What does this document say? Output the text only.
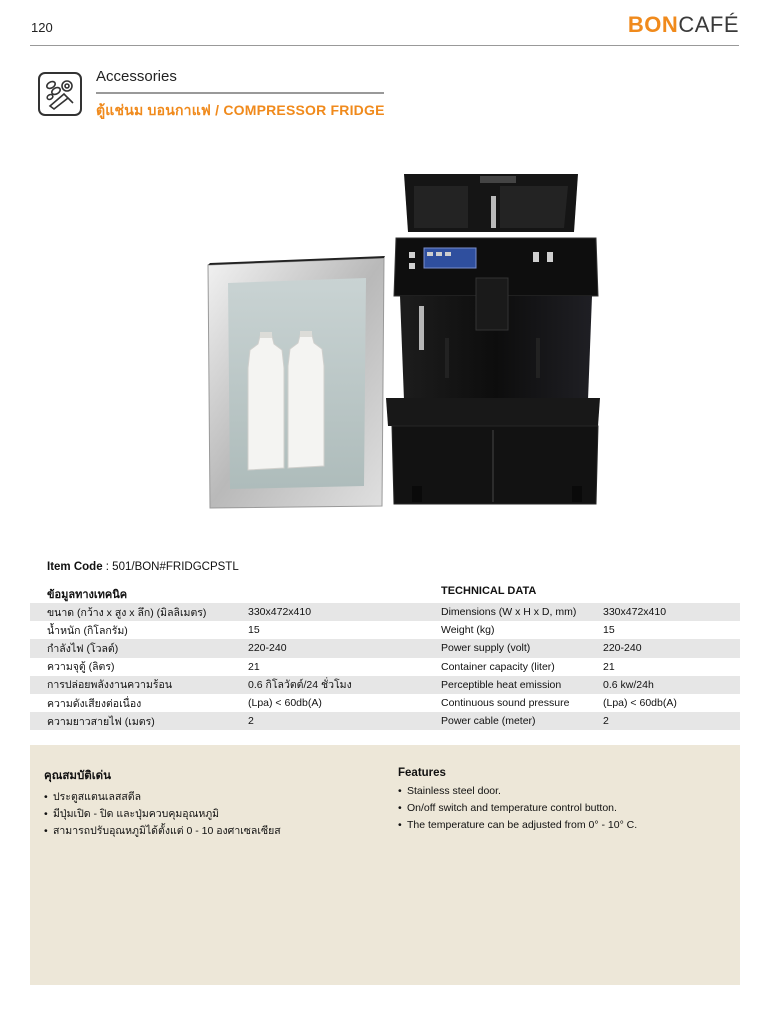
120	BONCAFÉ
Accessories
ตู้แช่นม บอนกาแฟ / COMPRESSOR FRIDGE
Item Code : 501/BON#FRIDGCPSTL
ข้อมูลทางเทคนิค	TECHNICAL DATA
ขนาด (กว้าง x สูง x ลึก) (มิลลิเมตร)	330x472x410	Dimensions (W x H x D, mm)	330x472x410
น้ำหนัก (กิโลกรัม)	15	Weight (kg)	15
กำลังไฟ (โวลต์)	220-240	Power supply (volt)	220-240
ความจุตู้ (ลิตร)	21	Container capacity (liter)	21
การปล่อยพลังงานความร้อน	0.6 กิโลวัตต์/24 ชั่วโมง	Perceptible heat emission	0.6 kw/24h
ความดังเสียงต่อเนื่อง	(Lpa) < 60db(A)	Continuous sound pressure	(Lpa) < 60db(A)
ความยาวสายไฟ (เมตร)	2	Power cable (meter)	2
คุณสมบัติเด่น
• ประตูสแตนเลสสตีล
• มีปุ่มเปิด - ปิด และปุ่มควบคุมอุณหภูมิ
• สามารถปรับอุณหภูมิได้ตั้งแต่ 0 - 10 องศาเซลเซียส
Features
• Stainless steel door.
• On/off switch and temperature control button.
• The temperature can be adjusted from 0° - 10° C.
